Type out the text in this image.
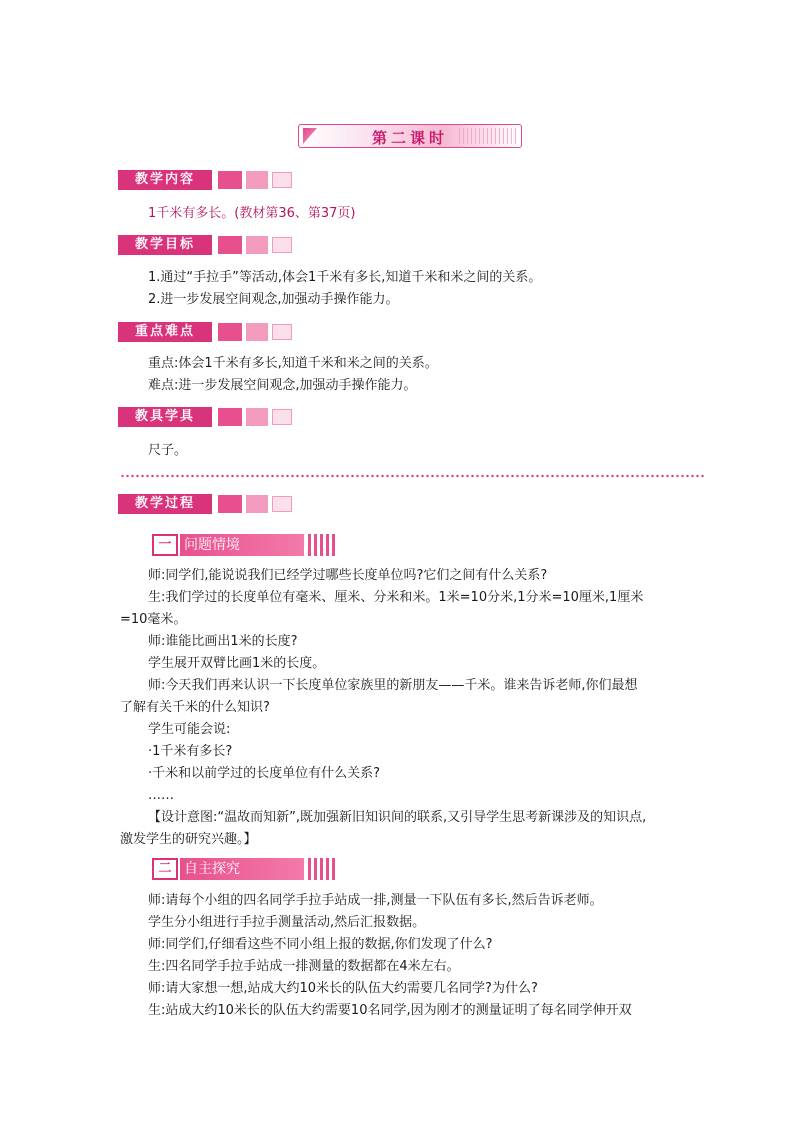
第二课时
教学内容
1千米有多长。(教材第36、第37页)
教学目标
1.通过“手拉手”等活动,体会1千米有多长,知道千米和米之间的关系。
2.进一步发展空间观念,加强动手操作能力。
重点难点
重点:体会1千米有多长,知道千米和米之间的关系。
难点:进一步发展空间观念,加强动手操作能力。
教具学具
尺子。
教学过程
一 问题情境
师:同学们,能说说我们已经学过哪些长度单位吗?它们之间有什么关系?
生:我们学过的长度单位有毫米、厘米、分米和米。1米=10分米,1分米=10厘米,1厘米
=10毫米。
师:谁能比画出1米的长度?
学生展开双臂比画1米的长度。
师:今天我们再来认识一下长度单位家族里的新朋友——千米。谁来告诉老师,你们最想
了解有关千米的什么知识?
学生可能会说:
·1千米有多长?
·千米和以前学过的长度单位有什么关系?
……
【设计意图:“温故而知新”,既加强新旧知识间的联系,又引导学生思考新课涉及的知识点,
激发学生的研究兴趣。】
二 自主探究
师:请每个小组的四名同学手拉手站成一排,测量一下队伍有多长,然后告诉老师。
学生分小组进行手拉手测量活动,然后汇报数据。
师:同学们,仔细看这些不同小组上报的数据,你们发现了什么?
生:四名同学手拉手站成一排测量的数据都在4米左右。
师:请大家想一想,站成大约10米长的队伍大约需要几名同学?为什么?
生:站成大约10米长的队伍大约需要10名同学,因为刚才的测量证明了每名同学伸开双
